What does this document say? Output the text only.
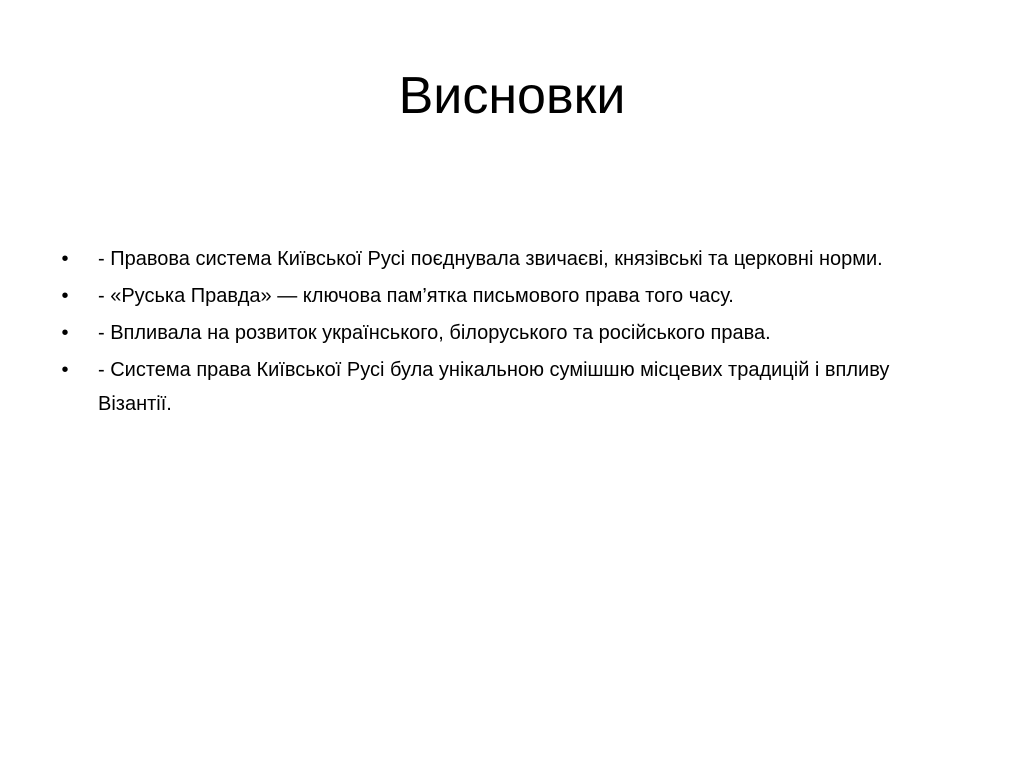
Висновки
• - Правова система Київської Русі поєднувала звичаєві, князівські та церковні норми.
• - «Руська Правда» — ключова пам’ятка письмового права того часу.
• - Впливала на розвиток українського, білоруського та російського права.
• - Система права Київської Русі була унікальною сумішшю місцевих традицій і впливу Візантії.
